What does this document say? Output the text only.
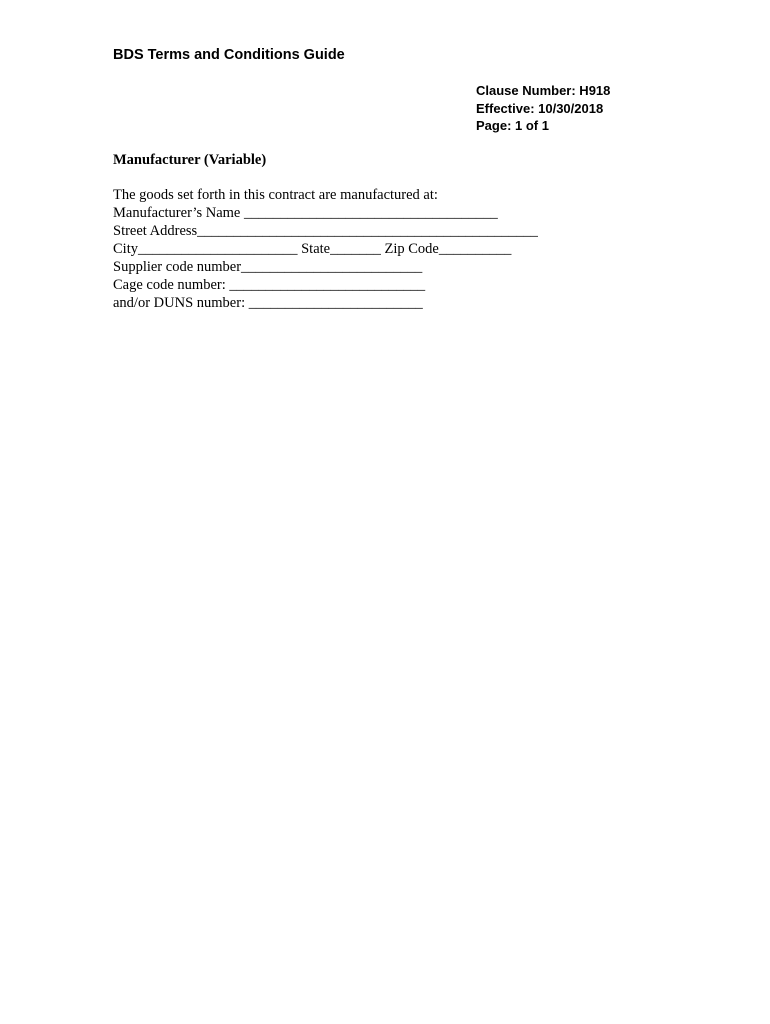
BDS Terms and Conditions Guide
Clause Number: H918
Effective: 10/30/2018
Page: 1 of 1
Manufacturer (Variable)
The goods set forth in this contract are manufactured at:
Manufacturer’s Name ___________________________________
Street Address_______________________________________________
City______________________ State_______ Zip Code__________
Supplier code number_________________________
Cage code number: ___________________________
and/or DUNS number: ________________________
